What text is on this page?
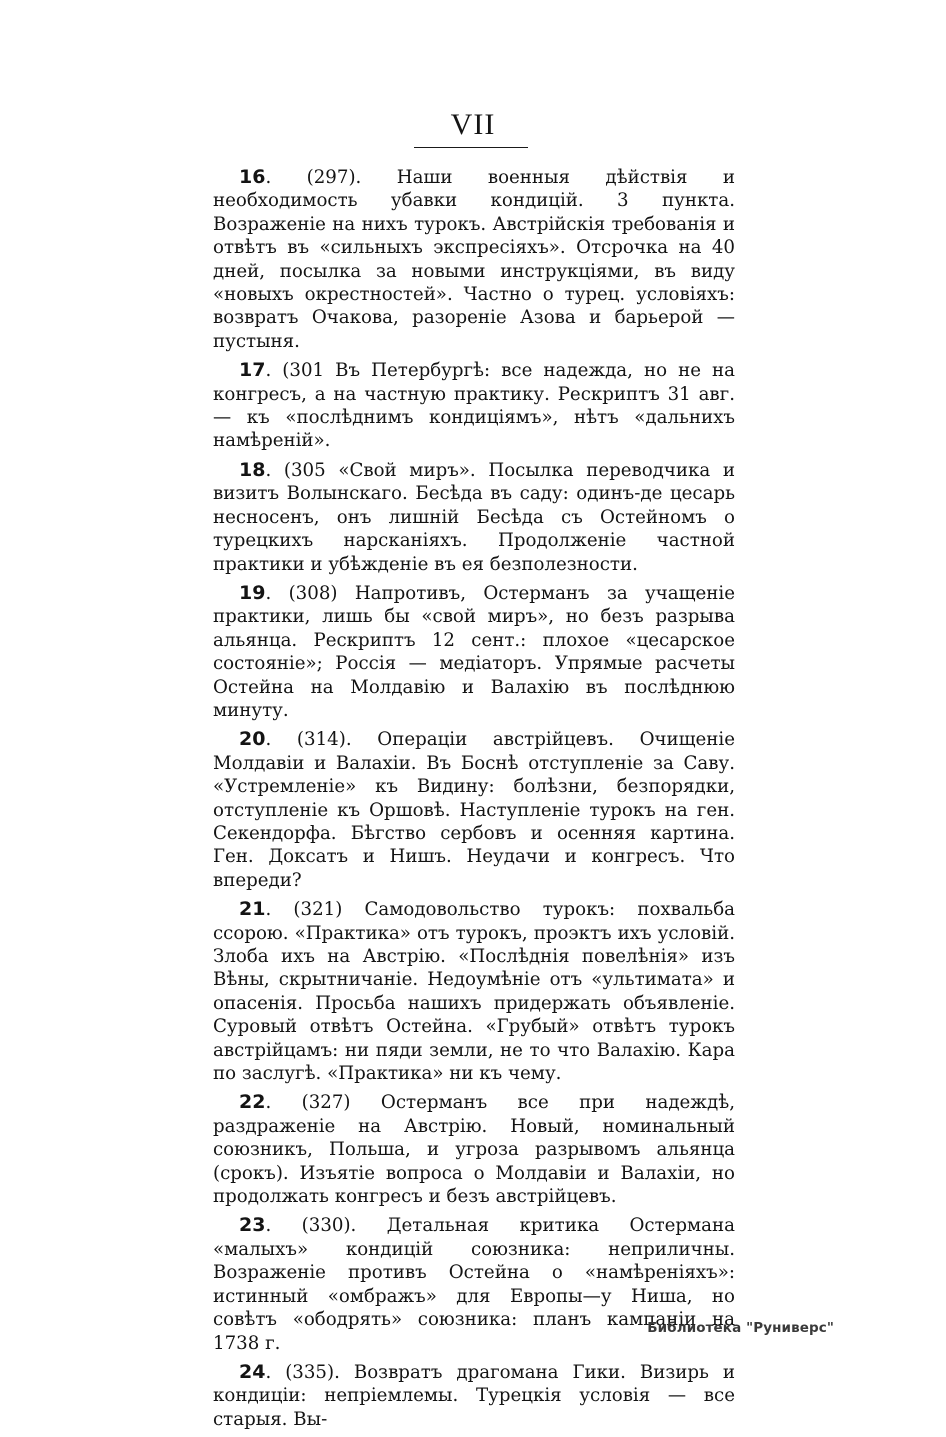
VII

16. (297). Наши военныя дѣйствія и необходимость убавки кондицій. 3 пункта. Возраженіе на нихъ турокъ. Австрійскія требованія и отвѣтъ въ «сильныхъ экспресіяхъ». Отсрочка на 40 дней, посылка за новыми инструкціями, въ виду «новыхъ окрестностей». Частно о турец. условіяхъ: возвратъ Очакова, разореніе Азова и барьерой —пустыня.

17. (301 Въ Петербургѣ: все надежда, но не на конгресъ, а на частную практику. Рескриптъ 31 авг. — къ «послѣднимъ кондиціямъ», нѣтъ «дальнихъ намѣреній».

18. (305 «Свой миръ». Посылка переводчика и визитъ Волынскаго. Бесѣда въ саду: одинъ-де цесарь несносенъ, онъ лишній Бесѣда съ Остейномъ о турецкихъ нарсканіяхъ. Продолженіе частной практики и убѣжденіе въ ея безполезности.

19. (308) Напротивъ, Остерманъ за учащеніе практики, лишь бы «свой миръ», но безъ разрыва альянца. Рескриптъ 12 сент.: плохое «цесарское состояніе»; Россія — медіаторъ. Упрямые расчеты Остейна на Молдавію и Валахію въ послѣднюю минуту.

20. (314). Операціи австрійцевъ. Очищеніе Молдавіи и Валахіи. Въ Боснѣ отступленіе за Саву. «Устремленіе» къ Видину: болѣзни, безпорядки, отступленіе къ Оршовѣ. Наступленіе турокъ на ген. Секендорфа. Бѣгство сербовъ и осенняя картина. Ген. Доксатъ и Нишъ. Неудачи и конгресъ. Что впереди?

21. (321) Самодовольство турокъ: похвальба ссорою. «Практика» отъ турокъ, проэктъ ихъ условій. Злоба ихъ на Австрію. «Послѣднія повелѣнія» изъ Вѣны, скрытничаніе. Недоумѣніе отъ «ультимата» и опасенія. Просьба нашихъ придержать объявленіе. Суровый отвѣтъ Остейна. «Грубый» отвѣтъ турокъ австрійцамъ: ни пяди земли, не то что Валахію. Кара по заслугѣ. «Практика» ни къ чему.

22. (327) Остерманъ все при надеждѣ, раздраженіе на Австрію. Новый, номинальный союзникъ, Польша, и угроза разрывомъ альянца (срокъ). Изъятіе вопроса о Молдавіи и Валахіи, но продолжать конгресъ и безъ австрійцевъ.

23. (330). Детальная критика Остермана «малыхъ» кондицій союзника: неприличны. Возраженіе противъ Остейна о «намѣреніяхъ»: истинный «омбражъ» для Европы—у Ниша, но совѣтъ «ободрять» союзника: планъ кампаніи на 1738 г.

24. (335). Возвратъ драгомана Гики. Визирь и кондиціи: непріемлемы. Турецкія условія — все старыя. Вы-

Библиотека "Руниверс"
